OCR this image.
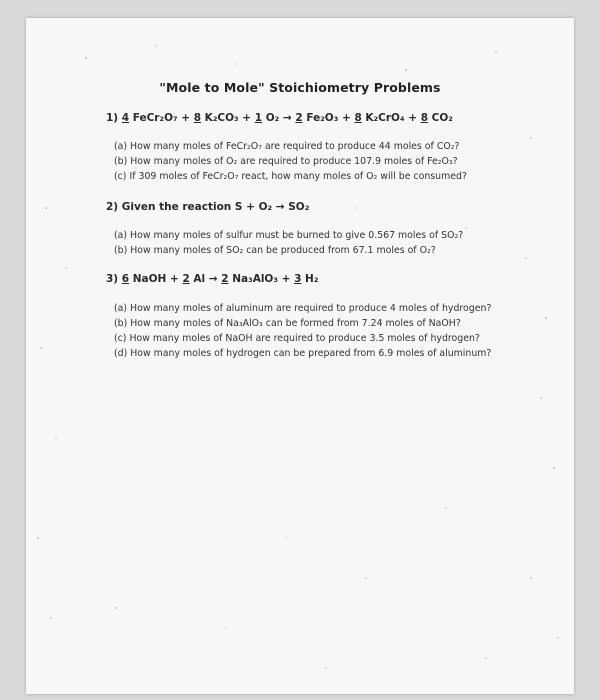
"Mole to Mole" Stoichiometry Problems
1) 4 FeCr₂O₇ + 8 K₂CO₃ + 1 O₂ → 2 Fe₂O₃ + 8 K₂CrO₄ + 8 CO₂
(a) How many moles of FeCr₂O₇ are required to produce 44 moles of CO₂?
(b) How many moles of O₂ are required to produce 107.9 moles of Fe₂O₃?
(c) If 309 moles of FeCr₂O₇ react, how many moles of O₂ will be consumed?
2) Given the reaction S + O₂ → SO₂
(a) How many moles of sulfur must be burned to give 0.567 moles of SO₂?
(b) How many moles of SO₂ can be produced from 67.1 moles of O₂?
3) 6 NaOH + 2 Al → 2 Na₃AlO₃ + 3 H₂
(a) How many moles of aluminum are required to produce 4 moles of hydrogen?
(b) How many moles of Na₃AlO₃ can be formed from 7.24 moles of NaOH?
(c) How many moles of NaOH are required to produce 3.5 moles of hydrogen?
(d) How many moles of hydrogen can be prepared from 6.9 moles of aluminum?
